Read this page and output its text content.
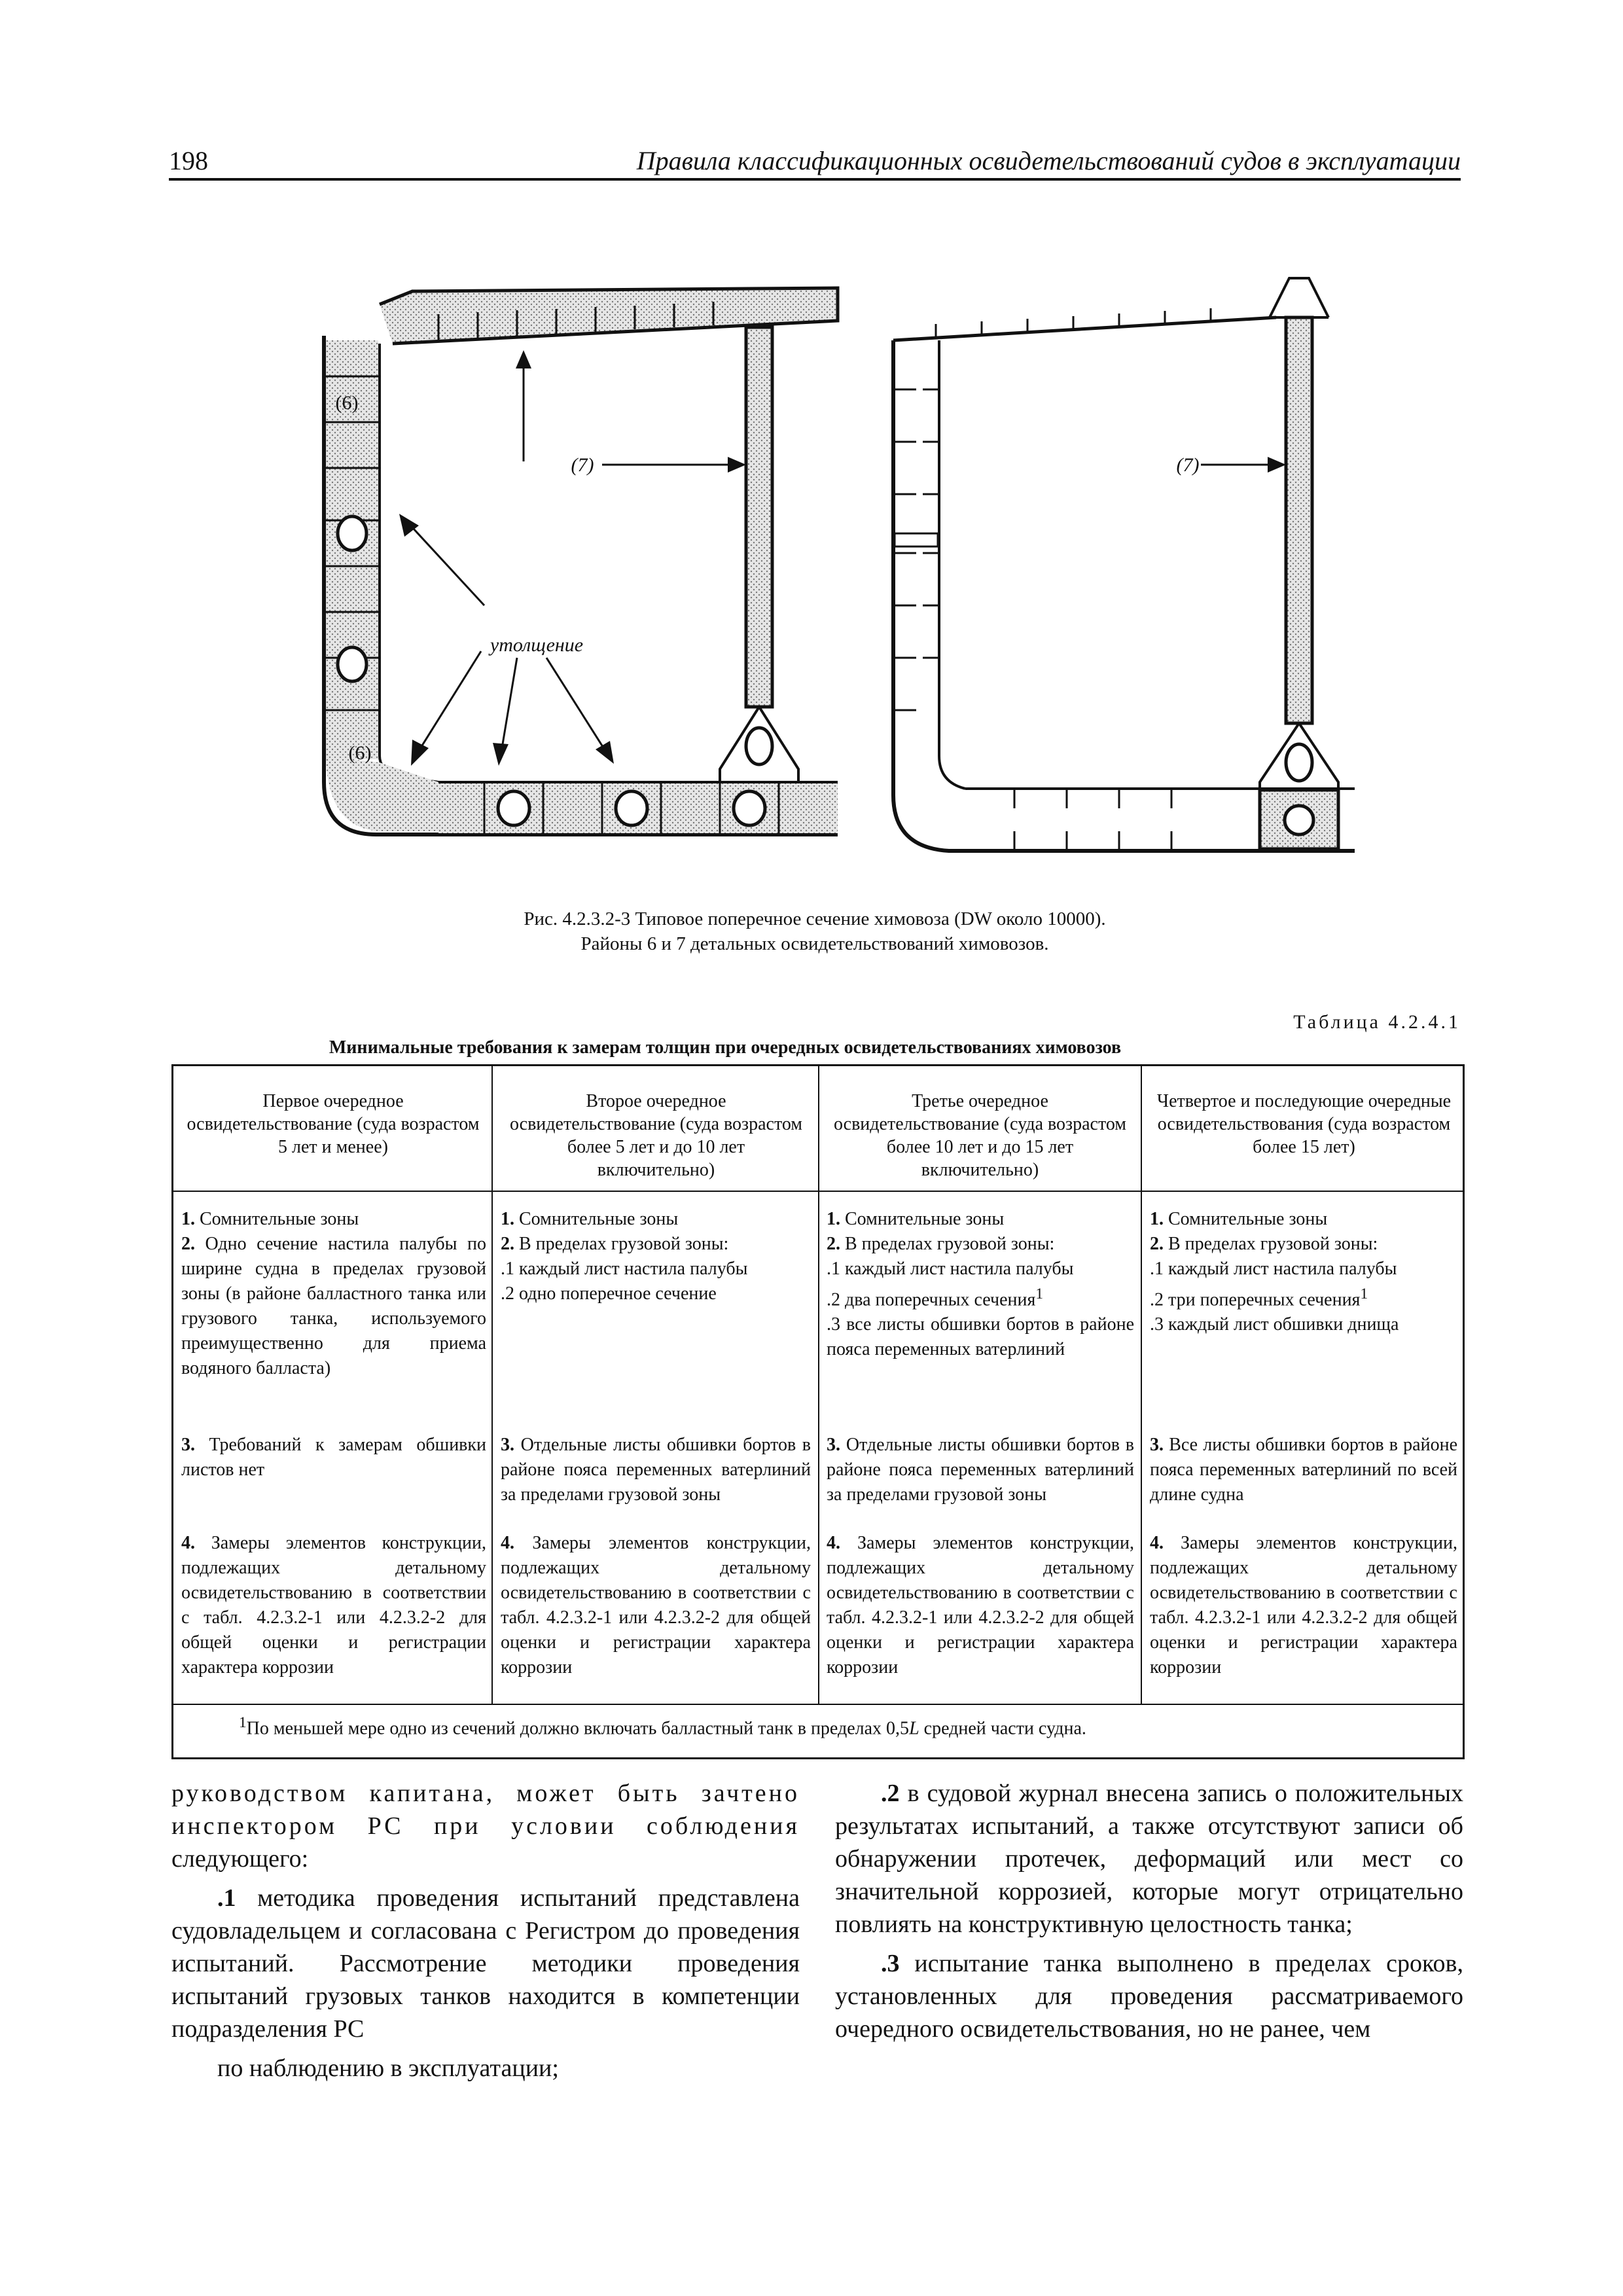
198	Правила классификационных освидетельствований судов в эксплуатации
(6)
(6)
(7)	(7)
утолщение
Рис. 4.2.3.2-3 Типовое поперечное сечение химовоза (DW около 10000).
Районы 6 и 7 детальных освидетельствований химовозов.
Таблица 4.2.4.1
Минимальные требования к замерам толщин при очередных освидетельствованиях химовозов
Первое очередное освидетельствование (суда возрастом 5 лет и менее)
Второе очередное освидетельствование (суда возрастом более 5 лет и до 10 лет включительно)
Третье очередное освидетельствование (суда возрастом более 10 лет и до 15 лет включительно)
Четвертое и последующие очередные освидетельствования (суда возрастом более 15 лет)

1. Сомнительные зоны

2. Одно сечение настила палубы по ширине судна в пределах грузовой зоны (в районе балластного танка или грузового танка, используемого преимущественно для приема водяного балласта)

3. Требований к замерам обшивки листов нет

4. Замеры элементов конструкции, подлежащих детальному освидетельствованию в соответствии с табл. 4.2.3.2-1 или 4.2.3.2-2 для общей оценки и регистрации характера коррозии

1. Сомнительные зоны

2. В пределах грузовой зоны:

.1 каждый лист настила палубы

.2 одно поперечное сечение

3. Отдельные листы обшивки бортов в районе пояса переменных ватерлиний за пределами грузовой зоны

4. Замеры элементов конструкции, подлежащих детальному освидетельствованию в соответствии с табл. 4.2.3.2-1 или 4.2.3.2-2 для общей оценки и регистрации характера коррозии

1. Сомнительные зоны

2. В пределах грузовой зоны:

.1 каждый лист настила палубы

.2 два поперечных сечения$^1$

.3 все листы обшивки бортов в районе пояса переменных ватерлиний

3. Отдельные листы обшивки бортов в районе пояса переменных ватерлиний за пределами грузовой зоны

4. Замеры элементов конструкции, подлежащих детальному освидетельствованию в соответствии с табл. 4.2.3.2-1 или 4.2.3.2-2 для общей оценки и регистрации характера коррозии

1. Сомнительные зоны

2. В пределах грузовой зоны:

.1 каждый лист настила палубы

.2 три поперечных сечения$^1$

.3 каждый лист обшивки днища

3. Все листы обшивки бортов в районе пояса переменных ватерлиний по всей длине судна

4. Замеры элементов конструкции, подлежащих детальному освидетельствованию в соответствии с табл. 4.2.3.2-1 или 4.2.3.2-2 для общей оценки и регистрации характера коррозии

$^1$По меньшей мере одно из сечений должно включать балластный танк в пределах 0,5L средней части судна.

руководством капитана, может быть зачтено
инспектором РС при условии соблюдения
следующего:

.1 методика проведения испытаний представлена судовладельцем и согласована с Регистром до проведения испытаний. Рассмотрение методики проведения испытаний грузовых танков находится в компетенции подразделения РС

по наблюдению в эксплуатации;

.2 в судовой журнал внесена запись о положительных результатах испытаний, а также отсутствуют записи об обнаружении протечек, деформаций или мест со значительной коррозией, которые могут отрицательно повлиять на конструктивную целостность танка;

.3 испытание танка выполнено в пределах сроков, установленных для проведения рассматриваемого очередного освидетельствования, но не ранее, чем
